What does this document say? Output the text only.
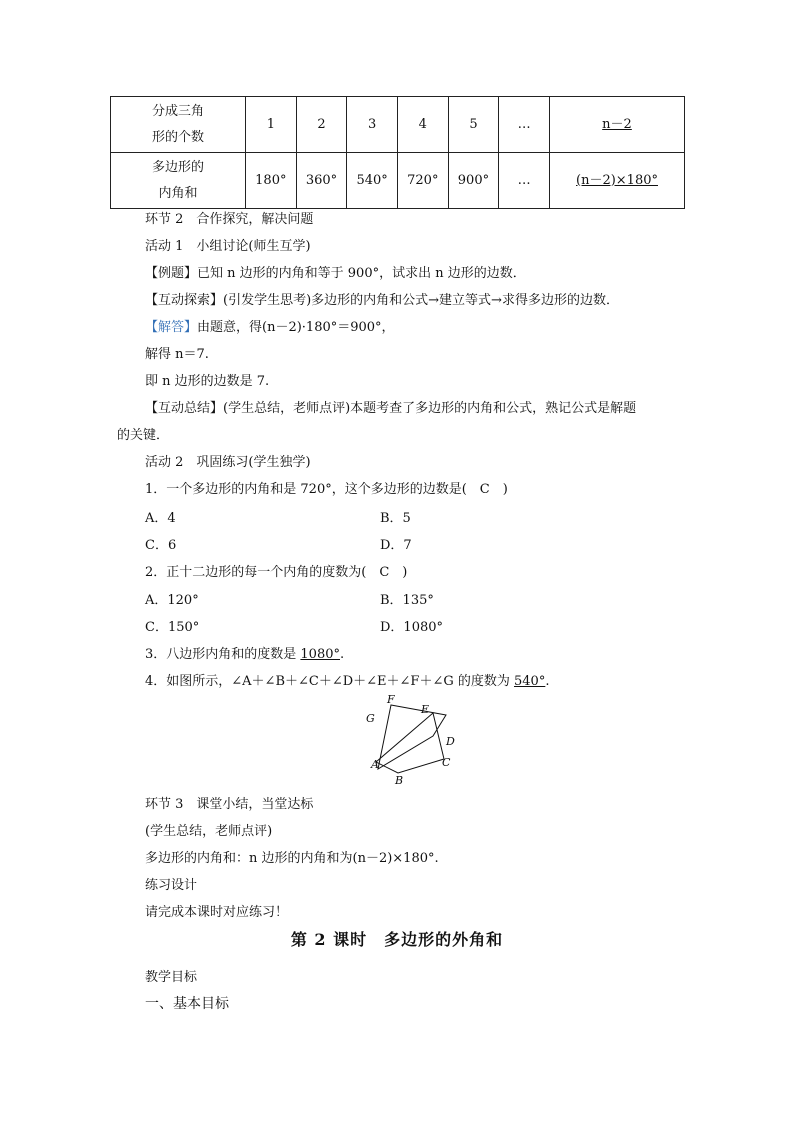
分成三角
形的个数	1	2	3	4	5	…	n－2

多边形的
内角和	180°	360°	540°	720°	900°	…	(n－2)×180°
环节 2　合作探究，解决问题
活动 1　小组讨论(师生互学)
【例题】已知 n 边形的内角和等于 900°，试求出 n 边形的边数．
【互动探索】(引发学生思考)多边形的内角和公式→建立等式→求得多边形的边数．
【解答】由题意，得(n－2)·180°＝900°，
解得 n＝7.
即 n 边形的边数是 7.
【互动总结】(学生总结，老师点评)本题考查了多边形的内角和公式，熟记公式是解题
的关键．
活动 2　巩固练习(学生独学)
1．一个多边形的内角和是 720°，这个多边形的边数是(　C　)
A．4	B．5
C．6	D．7
2．正十二边形的每一个内角的度数为(　C　)
A．120°	B．135°
C．150°	D．1080°
3．八边形内角和的度数是 1080°.
4．如图所示，∠A＋∠B＋∠C＋∠D＋∠E＋∠F＋∠G 的度数为 540°.
F
E
G
D
A	C
B
环节 3　课堂小结，当堂达标
(学生总结，老师点评)
多边形的内角和：n 边形的内角和为(n－2)×180°.
练习设计
请完成本课时对应练习！
第 2 课时　多边形的外角和
教学目标
一、基本目标
